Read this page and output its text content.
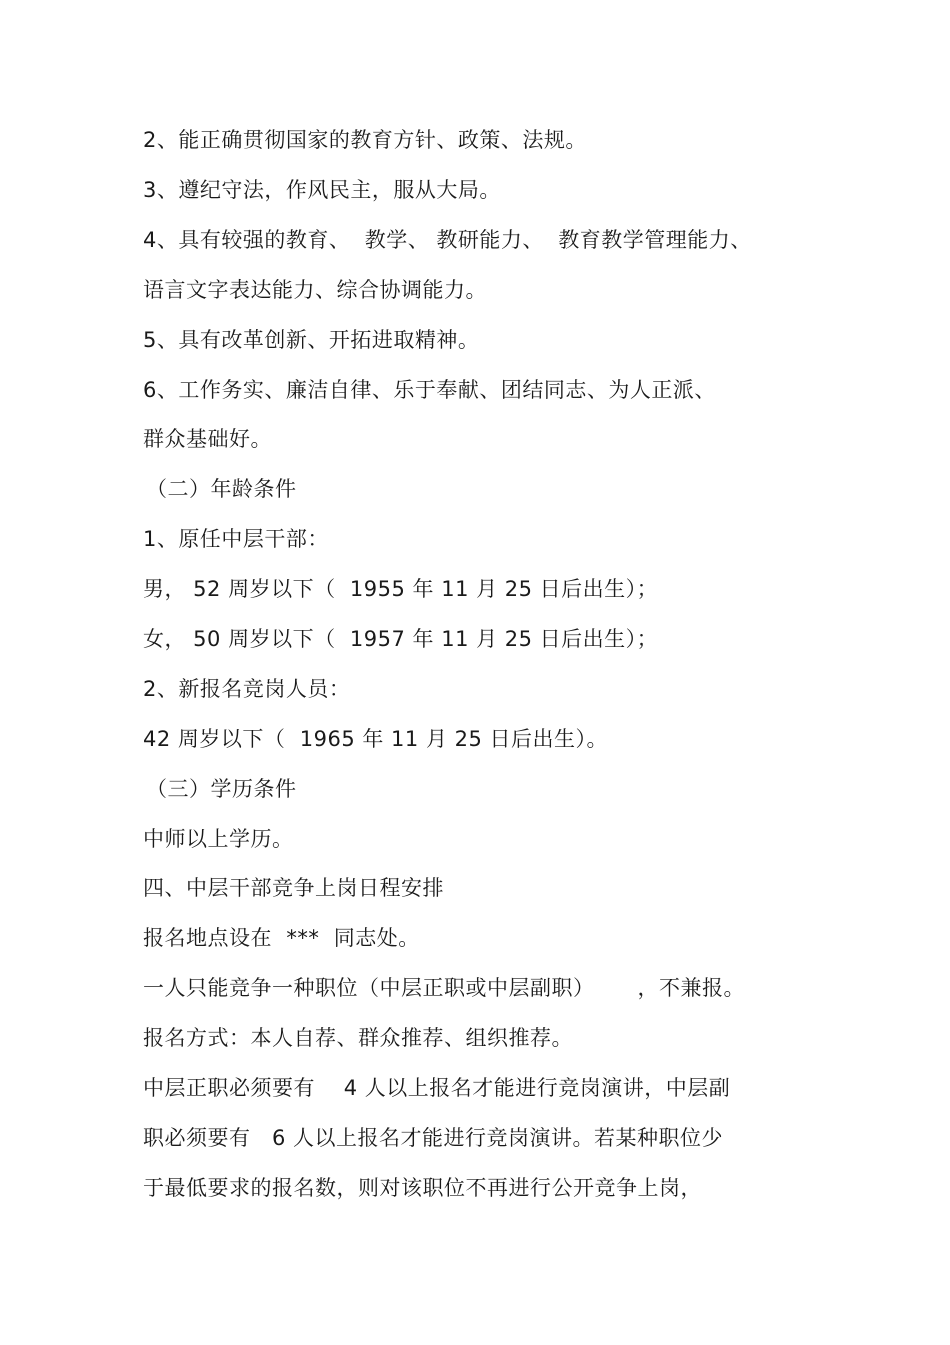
2、能正确贯彻国家的教育方针、政策、法规。
3、遵纪守法，作风民主，服从大局。
4、具有较强的教育、  教学、 教研能力、  教育教学管理能力、
语言文字表达能力、综合协调能力。
5、具有改革创新、开拓进取精神。
6、工作务实、廉洁自律、乐于奉献、团结同志、为人正派、
群众基础好。
（二）年龄条件
1、原任中层干部：
男， 52 周岁以下（  1955 年 11 月 25 日后出生）；
女， 50 周岁以下（  1957 年 11 月 25 日后出生）；
2、新报名竞岗人员：
42 周岁以下（  1965 年 11 月 25 日后出生）。
（三）学历条件
中师以上学历。
四、中层干部竞争上岗日程安排
报名地点设在  ***  同志处。
一人只能竞争一种职位（中层正职或中层副职）      ，不兼报。
报名方式：本人自荐、群众推荐、组织推荐。
中层正职必须要有    4 人以上报名才能进行竞岗演讲，中层副
职必须要有   6 人以上报名才能进行竞岗演讲。若某种职位少
于最低要求的报名数，则对该职位不再进行公开竞争上岗，
